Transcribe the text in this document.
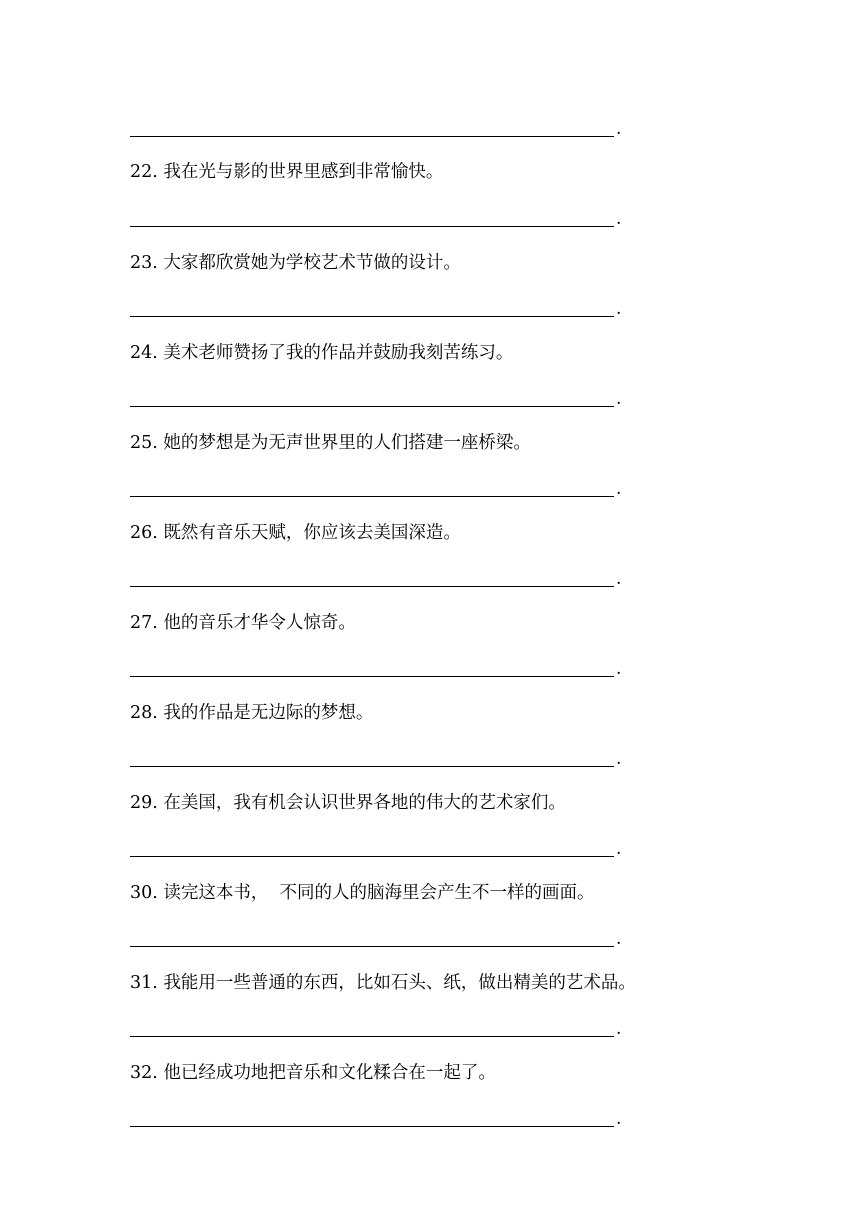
.
22. 我在光与影的世界里感到非常愉快。
.
23. 大家都欣赏她为学校艺术节做的设计。
.
24. 美术老师赞扬了我的作品并鼓励我刻苦练习。
.
25. 她的梦想是为无声世界里的人们搭建一座桥梁。
.
26. 既然有音乐天赋，你应该去美国深造。
.
27. 他的音乐才华令人惊奇。
.
28. 我的作品是无边际的梦想。
.
29. 在美国，我有机会认识世界各地的伟大的艺术家们。
.
30. 读完这本书，  不同的人的脑海里会产生不一样的画面。
.
31. 我能用一些普通的东西，比如石头、纸，做出精美的艺术品。
.
32. 他已经成功地把音乐和文化糅合在一起了。
.
